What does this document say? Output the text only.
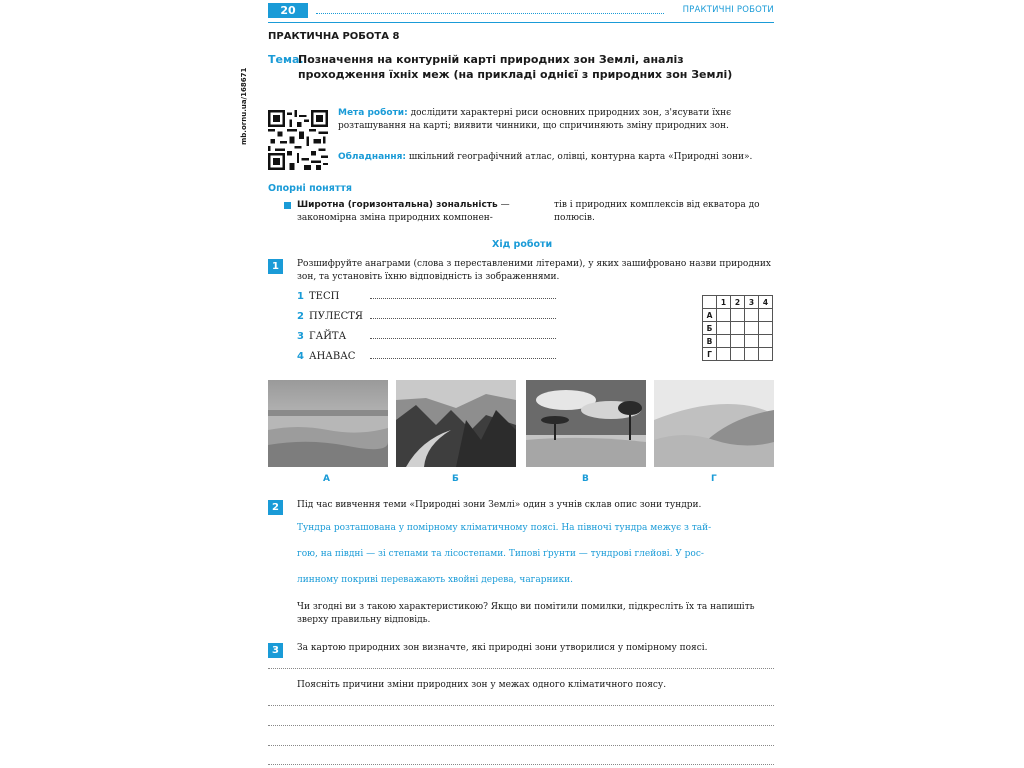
20	ПРАКТИЧНІ РОБОТИ
ПРАКТИЧНА РОБОТА 8
Тема.
Позначення на контурній карті природних зон Землі, аналіз проходження їхніх меж (на прикладі однієї з природних зон Землі)
mb.ornu.ua/168671	Мета роботи: дослідити характерні риси основних природних зон, з'ясувати їхнє розташування на карті; виявити чинники, що спричиняють зміну природних зон.
Обладнання: шкільний географічний атлас, олівці, контурна карта «Природні зони».
Опорні поняття
Широтна (горизонтальна) зональність — закономірна зміна природних компонен-
тів і природних комплексів від екватора до полюсів.
Хід роботи
1	Розшифруйте анаграми (слова з переставленими літерами), у яких зашифровано назви природних зон, та установіть їхню відповідність із зображеннями.
1 ТЕСП
2 ПУЛЕСТЯ
3 ГАЙТА
4 АНАВАС
	1	2	3	4
А				
Б				
В				
Г				
А	Б	В	Г
2	Під час вивчення теми «Природні зони Землі» один з учнів склав опис зони тундри.
Тундра розташована у помірному кліматичному поясі. На півночі тундра межує з тай-
гою, на півдні — зі степами та лісостепами. Типові ґрунти — тундрові глейові. У рос-
линному покриві переважають хвойні дерева, чагарники.
Чи згодні ви з такою характеристикою? Якщо ви помітили помилки, підкресліть їх та напишіть зверху правильну відповідь.
3	За картою природних зон визначте, які природні зони утворилися у помірному поясі.
Поясніть причини зміни природних зон у межах одного кліматичного поясу.
